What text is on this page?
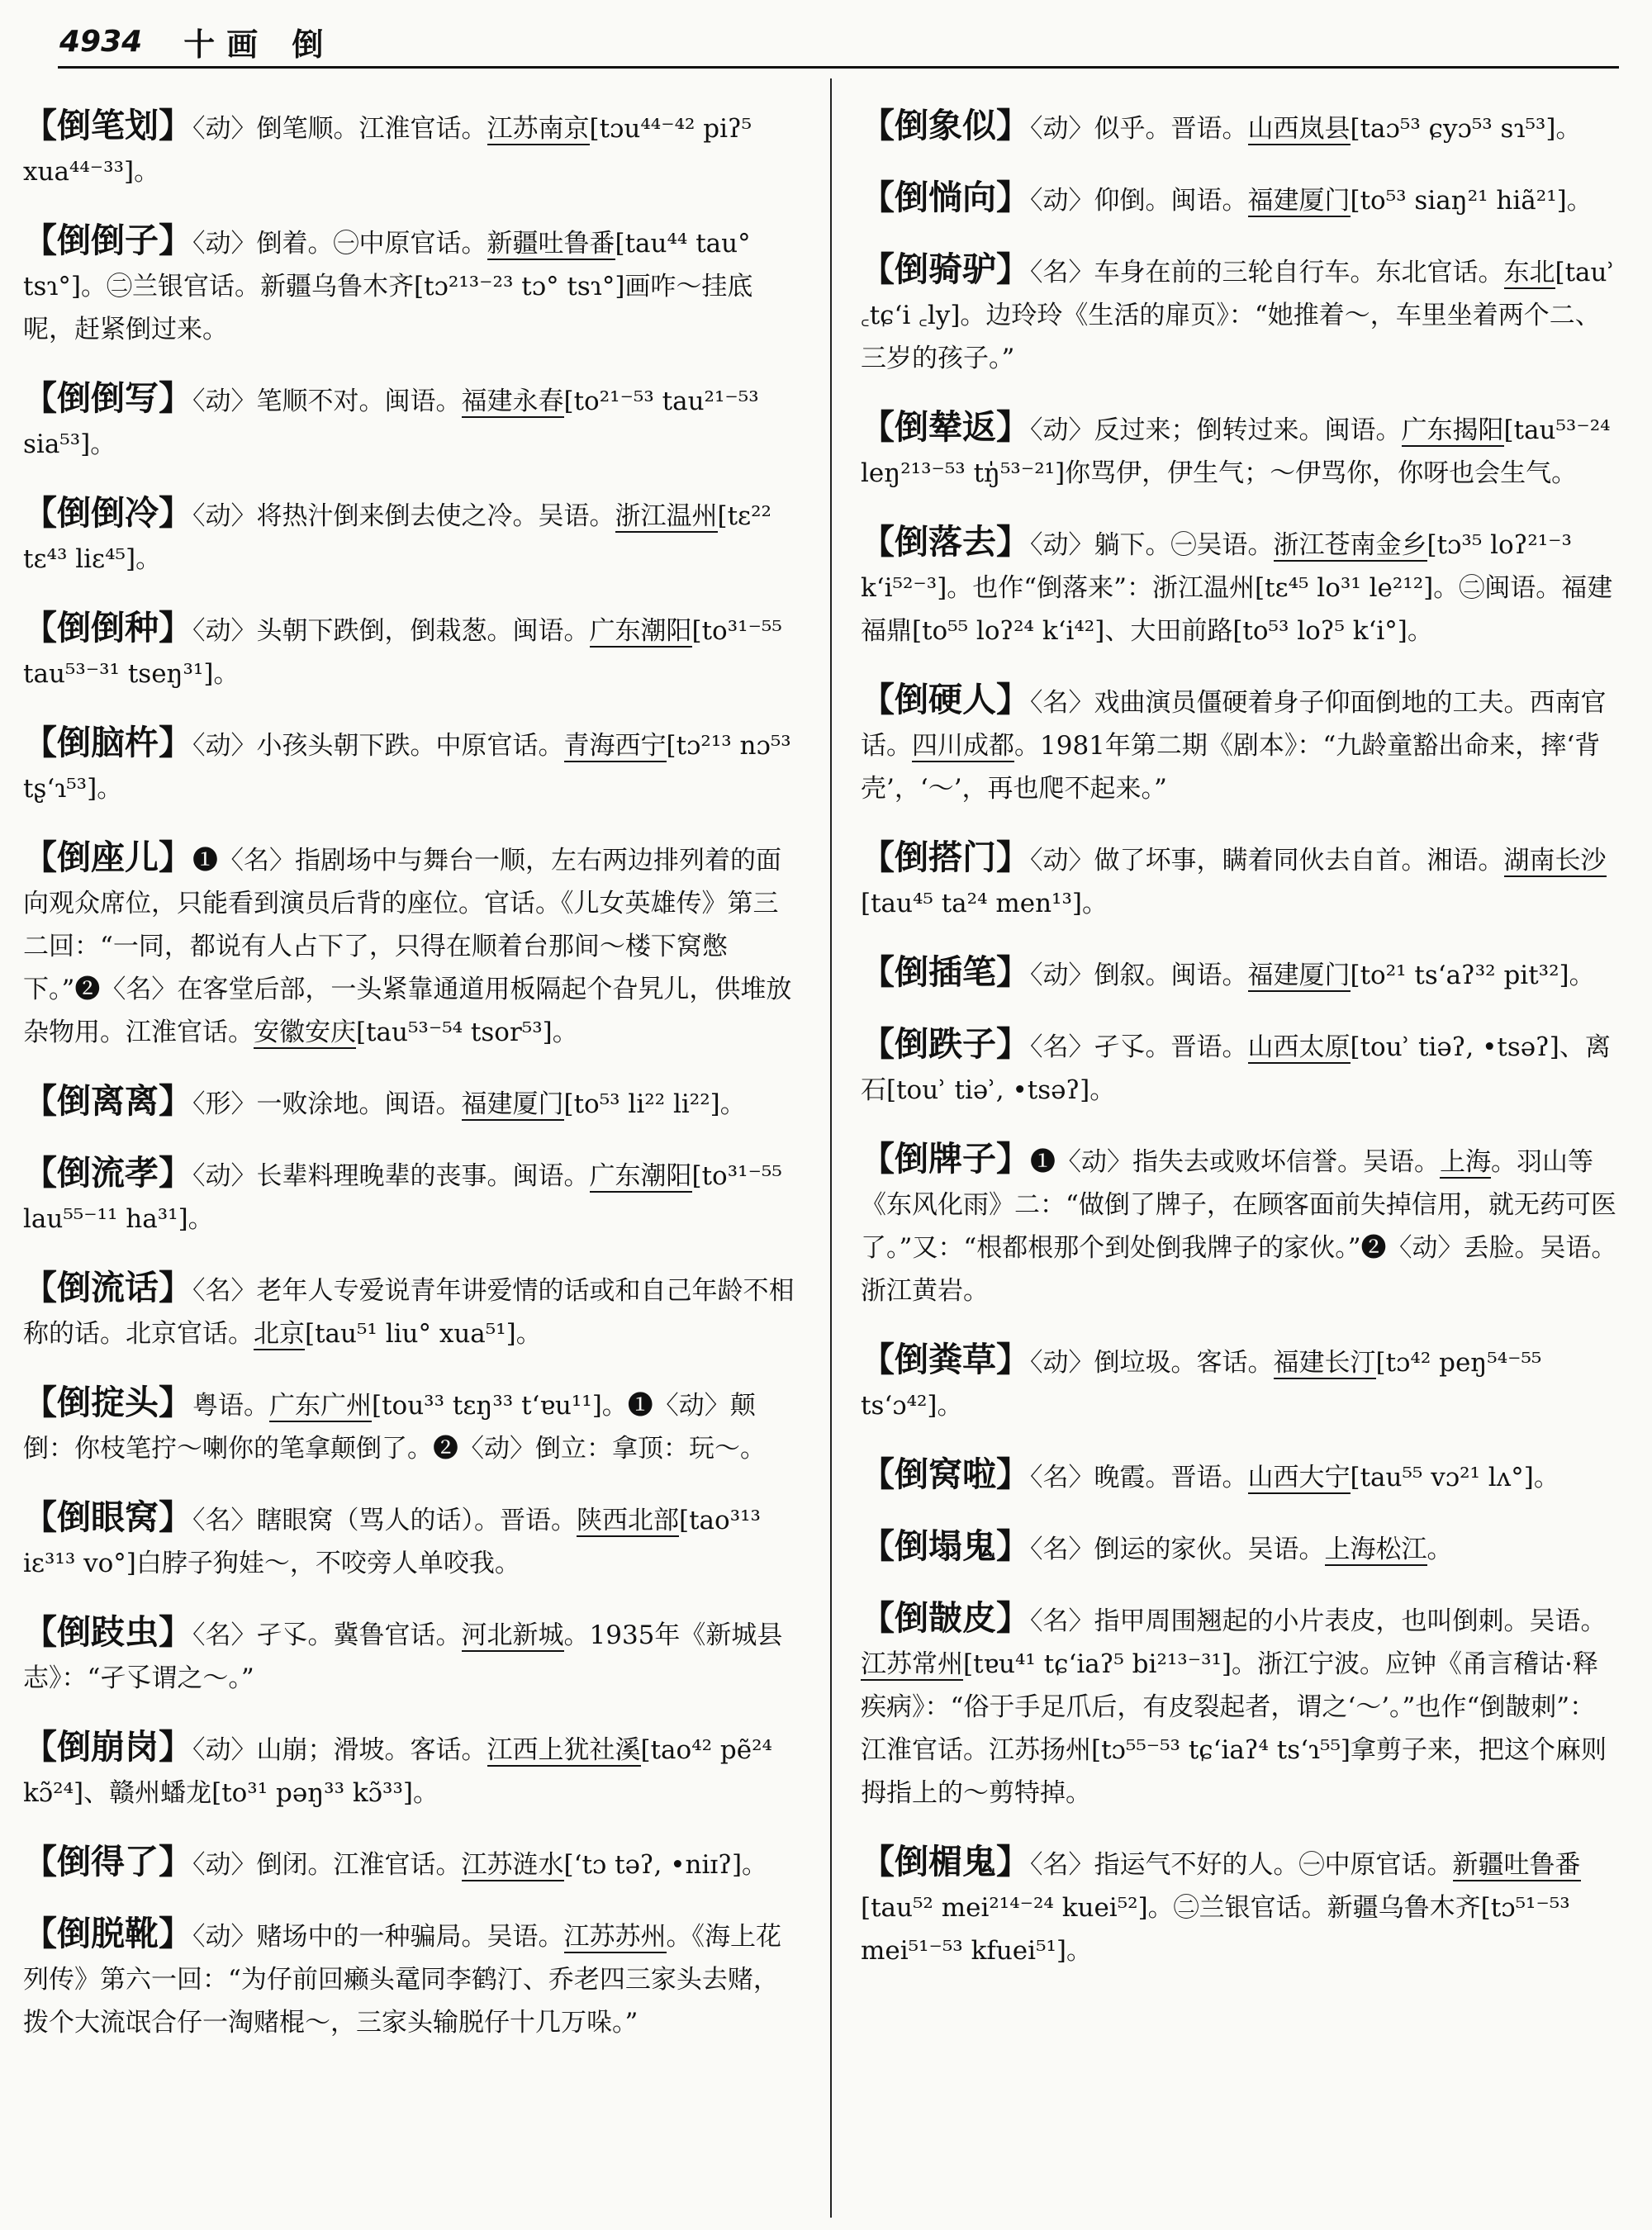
4934 十画 倒

【倒笔划】〈动〉倒笔顺。江淮官话。江苏南京[tɔu⁴⁴⁻⁴² piʔ⁵ xua⁴⁴⁻³³]。

【倒倒子】〈动〉倒着。㊀中原官话。新疆吐鲁番[tau⁴⁴ tau° tsɿ°]。㊁兰银官话。新疆乌鲁木齐[tɔ²¹³⁻²³ tɔ° tsɿ°]画咋～挂底呢，赶紧倒过来。

【倒倒写】〈动〉笔顺不对。闽语。福建永春[to²¹⁻⁵³ tau²¹⁻⁵³ sia⁵³]。

【倒倒冷】〈动〉将热汁倒来倒去使之冷。吴语。浙江温州[tɛ²² tɛ⁴³ liɛ⁴⁵]。

【倒倒种】〈动〉头朝下跌倒，倒栽葱。闽语。广东潮阳[to³¹⁻⁵⁵ tau⁵³⁻³¹ tseŋ³¹]。

【倒脑杵】〈动〉小孩头朝下跌。中原官话。青海西宁[tɔ²¹³ nɔ⁵³ tʂʻɿ⁵³]。

【倒座儿】❶〈名〉指剧场中与舞台一顺，左右两边排列着的面向观众席位，只能看到演员后背的座位。官话。《儿女英雄传》第三二回：“一同，都说有人占下了，只得在顺着台那间～楼下窝憋下。”❷〈名〉在客堂后部，一头紧靠通道用板隔起个旮旯儿，供堆放杂物用。江淮官话。安徽安庆[tau⁵³⁻⁵⁴ tsor⁵³]。

【倒离离】〈形〉一败涂地。闽语。福建厦门[to⁵³ li²² li²²]。

【倒流孝】〈动〉长辈料理晚辈的丧事。闽语。广东潮阳[to³¹⁻⁵⁵ lau⁵⁵⁻¹¹ ha³¹]。

【倒流话】〈名〉老年人专爱说青年讲爱情的话或和自己年龄不相称的话。北京官话。北京[tau⁵¹ liu° xua⁵¹]。

【倒掟头】粤语。广东广州[tou³³ tɛŋ³³ tʻɐu¹¹]。❶〈动〉颠倒：你枝笔拧～喇你的笔拿颠倒了。❷〈动〉倒立：拿顶：玩～。

【倒眼窝】〈名〉瞎眼窝（骂人的话）。晋语。陕西北部[tao³¹³ iɛ³¹³ vo°]白脖子狗娃～，不咬旁人单咬我。

【倒跂虫】〈名〉孑孓。冀鲁官话。河北新城。1935年《新城县志》：“孑孓谓之～。”

【倒崩岗】〈动〉山崩；滑坡。客话。江西上犹社溪[tao⁴² pẽ²⁴ kɔ̃²⁴]、赣州蟠龙[to³¹ pəŋ³³ kɔ̃³³]。

【倒得了】〈动〉倒闭。江淮官话。江苏涟水[ʻtɔ təʔ, •niɪʔ]。

【倒脱靴】〈动〉赌场中的一种骗局。吴语。江苏苏州。《海上花列传》第六一回：“为仔前回癞头鼋同李鹤汀、乔老四三家头去赌，拨个大流氓合仔一淘赌棍～，三家头输脱仔十几万哚。”

【倒象似】〈动〉似乎。晋语。山西岚县[taɔ⁵³ ɕyɔ⁵³ sɿ⁵³]。

【倒惝向】〈动〉仰倒。闽语。福建厦门[to⁵³ siaŋ²¹ hiã²¹]。

【倒骑驴】〈名〉车身在前的三轮自行车。东北官话。东北[tauʾ ꜀tɕʻi ꜀ly]。边玲玲《生活的扉页》：“她推着～，车里坐着两个二、三岁的孩子。”

【倒辇返】〈动〉反过来；倒转过来。闽语。广东揭阳[tau⁵³⁻²⁴ leŋ²¹³⁻⁵³ tŋ̍⁵³⁻²¹]你骂伊，伊生气；～伊骂你，你呀也会生气。

【倒落去】〈动〉躺下。㊀吴语。浙江苍南金乡[tɔ³⁵ loʔ²¹⁻³ kʻi⁵²⁻³]。也作“倒落来”：浙江温州[tɛ⁴⁵ lo³¹ le²¹²]。㊁闽语。福建福鼎[to⁵⁵ loʔ²⁴ kʻi⁴²]、大田前路[to⁵³ loʔ⁵ kʻi°]。

【倒硬人】〈名〉戏曲演员僵硬着身子仰面倒地的工夫。西南官话。四川成都。1981年第二期《剧本》：“九龄童豁出命来，摔‘背壳’，‘～’，再也爬不起来。”

【倒搭门】〈动〉做了坏事，瞒着同伙去自首。湘语。湖南长沙[tau⁴⁵ ta²⁴ men¹³]。

【倒插笔】〈动〉倒叙。闽语。福建厦门[to²¹ tsʻaʔ³² pit³²]。

【倒跌子】〈名〉孑孓。晋语。山西太原[touʾ tiəʔ, •tsəʔ]、离石[touʾ tiəʾ, •tsəʔ]。

【倒牌子】❶〈动〉指失去或败坏信誉。吴语。上海。羽山等《东风化雨》二：“做倒了牌子，在顾客面前失掉信用，就无药可医了。”又：“根都根那个到处倒我牌子的家伙。”❷〈动〉丢脸。吴语。浙江黄岩。

【倒粪草】〈动〉倒垃圾。客话。福建长汀[tɔ⁴² peŋ⁵⁴⁻⁵⁵ tsʻɔ⁴²]。

【倒窝啦】〈名〉晚霞。晋语。山西大宁[tau⁵⁵ vɔ²¹ lʌ°]。

【倒塌鬼】〈名〉倒运的家伙。吴语。上海松江。

【倒皵皮】〈名〉指甲周围翘起的小片表皮，也叫倒刺。吴语。江苏常州[tɐu⁴¹ tɕʻiaʔ⁵ bi²¹³⁻³¹]。浙江宁波。应钟《甬言稽诂·释疾病》：“俗于手足爪后，有皮裂起者，谓之‘～’。”也作“倒皵刺”：江淮官话。江苏扬州[tɔ⁵⁵⁻⁵³ tɕʻiaʔ⁴ tsʻɿ⁵⁵]拿剪子来，把这个麻则拇指上的～剪特掉。

【倒楣鬼】〈名〉指运气不好的人。㊀中原官话。新疆吐鲁番[tau⁵² mei²¹⁴⁻²⁴ kuei⁵²]。㊁兰银官话。新疆乌鲁木齐[tɔ⁵¹⁻⁵³ mei⁵¹⁻⁵³ kfuei⁵¹]。
